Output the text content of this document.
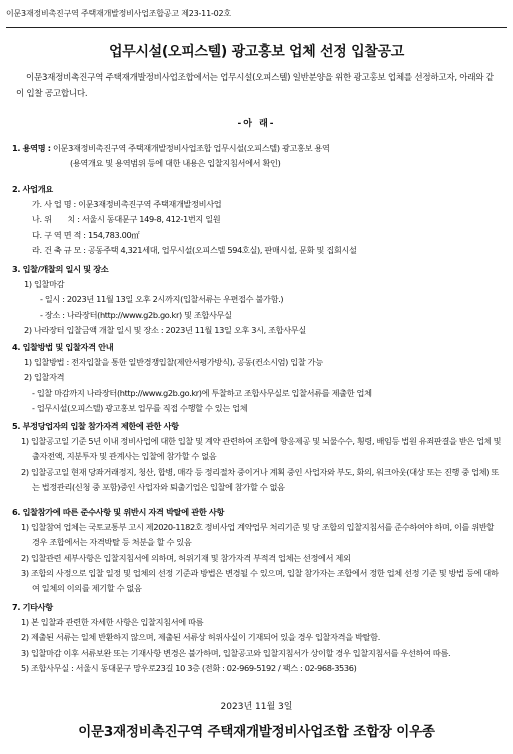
이문3재정비촉진구역 주택재개발정비사업조합공고 제23-11-02호
업무시설(오피스텔) 광고홍보 업체 선정 입찰공고
이문3재정비촉진구역 주택재개발정비사업조합에서는 업무시설(오피스텔) 일반분양을 위한 광고홍보 업체를 선정하고자, 아래와 같이 입찰 공고합니다.
-아 래-
1. 용역명 : 이문3재정비촉진구역 주택재개발정비사업조합 업무시설(오피스텔) 광고홍보 용역
(용역개요 및 용역범위 등에 대한 내용은 입찰지침서에서 확인)
2. 사업개요
가. 사 업 명 : 이문3재정비촉진구역 주택재개발정비사업
나. 위       치 : 서울시 동대문구 149-8, 412-1번지 일원
다. 구 역 면 적 : 154,783.00㎡
라. 건 축 규 모 : 공동주택 4,321세대, 업무시설(오피스텔 594호실), 판매시설, 문화 및 집회시설
3. 입찰/개찰의 일시 및 장소
1) 입찰마감
- 일시 : 2023년 11월 13일 오후 2시까지(입찰서류는 우편접수 불가함.)
- 장소 : 나라장터(http://www.g2b.go.kr) 및 조합사무실
2) 나라장터 입찰금액 개찰 일시 및 장소 : 2023년 11월 13일 오후 3시, 조합사무실
4. 입찰방법 및 입찰자격 안내
1) 입찰방법 : 전자입찰을 통한 일반경쟁입찰(제안서평가방식), 공동(컨소시엄) 입찰 가능
2) 입찰자격
- 입찰 마감까지 나라장터(http://www.g2b.go.kr)에 투찰하고 조합사무실로 입찰서류를 제출한 업체
- 업무시설(오피스텔) 광고홍보 업무를 직접 수행할 수 있는 업체
5. 부정당업자의 입찰 참가자격 제한에 관한 사항
1) 입찰공고일 기준 5년 이내 정비사업에 대한 입찰 및 계약 관련하여 조합에 향응제공 및 뇌물수수, 횡령, 배임등 법원 유죄판결을 받은 업체 및 출자전액, 지분투자 및 관계사는 입찰에 참가할 수 없음
2) 입찰공고일 현재 당좌거래정지, 청산, 합병, 매각 등 정리절차 중이거나 계획 중인 사업자와 부도, 화의, 워크아웃(대상 또는 진행 중 업체) 또는 법정관리(신청 중 포함)중인 사업자와 퇴출기업은 입찰에 참가할 수 없음
6. 입찰참가에 따른 준수사항 및 위반시 자격 박탈에 관한 사항
1) 입찰참여 업체는 국토교통부 고시 제2020-1182호 정비사업 계약업무 처리기준 및 당 조합의 입찰지침서를 준수하여야 하며, 이를 위반할 경우 조합에서는 자격박탈 등 처분을 할 수 있음
2) 입찰관련 세부사항은 입찰지침서에 의하며, 허위기재 및 참가자격 부적격 업체는 선정에서 제외
3) 조합의 사정으로 입찰 일정 및 업체의 선정 기준과 방법은 변경될 수 있으며, 입찰 참가자는 조합에서 정한 업체 선정 기준 및 방법 등에 대하여 일체의 이의를 제기할 수 없음
7. 기타사항
1) 본 입찰과 관련한 자세한 사항은 입찰지침서에 따름
2) 제출된 서류는 일체 반환하지 않으며, 제출된 서류상 허위사실이 기재되어 있을 경우 입찰자격을 박탈함.
3) 입찰마감 이후 서류보완 또는 기재사항 변경은 불가하며, 입찰공고와 입찰지침서가 상이할 경우 입찰지침서를 우선하여 따름.
5) 조합사무실 : 서울시 동대문구 망우로23길 10 3층 (전화 : 02-969-5192 / 팩스 : 02-968-3536)
2023년 11월 3일
이문3재정비촉진구역 주택재개발정비사업조합 조합장 이우종
